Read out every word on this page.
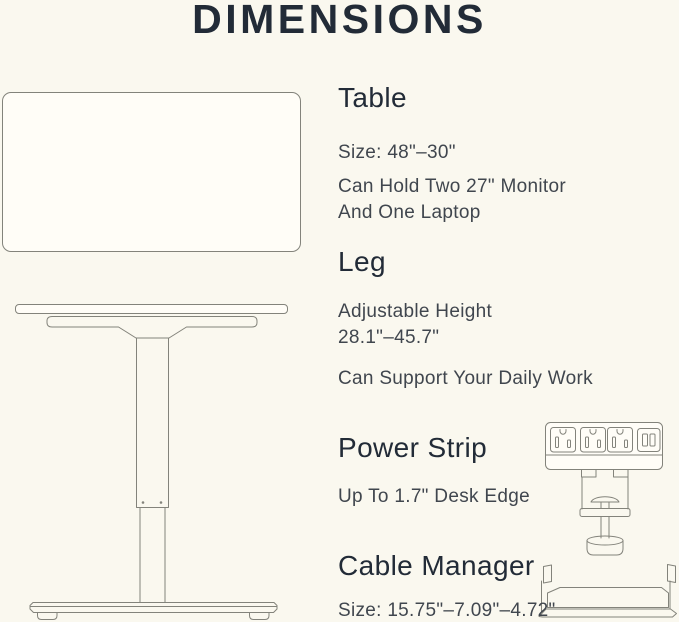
DIMENSIONS
Table

Size: 48"–30"

Can Hold Two 27" Monitor

And One Laptop

Leg

Adjustable Height

28.1"–45.7"

Can Support Your Daily Work

Power Strip

Up To 1.7" Desk Edge

Cable Manager

Size: 15.75"–7.09"–4.72"
